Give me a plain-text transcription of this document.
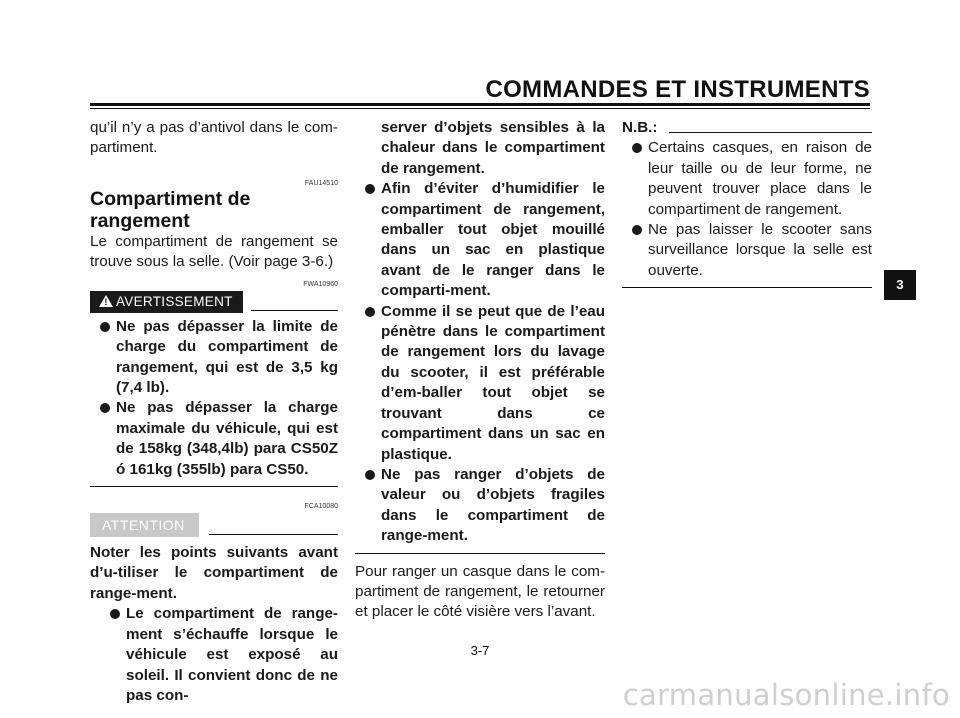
COMMANDES ET INSTRUMENTS
3
qu’il n’y a pas d’antivol dans le com-partiment.
FAU14510
Compartiment de rangement
Le compartiment de rangement se trouve sous la selle. (Voir page 3-6.)
FWA10960
! AVERTISSEMENT
Ne pas dépasser la limite de charge du compartiment de rangement, qui est de 3,5 kg (7,4 lb).
Ne pas dépasser la charge maximale du véhicule, qui est de 158kg (348,4lb) para CS50Z ó 161kg (355lb) para CS50.
FCA10080
ATTENTION
Noter les points suivants avant d’u-tiliser le compartiment de range-ment.
Le compartiment de range-ment s’échauffe lorsque le véhicule est exposé au soleil. Il convient donc de ne pas con-
server d’objets sensibles à la chaleur dans le compartiment de rangement.
Afin d’éviter d’humidifier le compartiment de rangement, emballer tout objet mouillé dans un sac en plastique avant de le ranger dans le comparti-ment.
Comme il se peut que de l’eau pénètre dans le compartiment de rangement lors du lavage du scooter, il est préférable d’em-baller tout objet se trouvant dans ce compartiment dans un sac en plastique.
Ne pas ranger d’objets de valeur ou d’objets fragiles dans le compartiment de range-ment.
Pour ranger un casque dans le com-partiment de rangement, le retourner et placer le côté visière vers l’avant.
N.B.:
Certains casques, en raison de leur taille ou de leur forme, ne peuvent trouver place dans le compartiment de rangement.
Ne pas laisser le scooter sans surveillance lorsque la selle est ouverte.
3-7
carmanualsonline.info
